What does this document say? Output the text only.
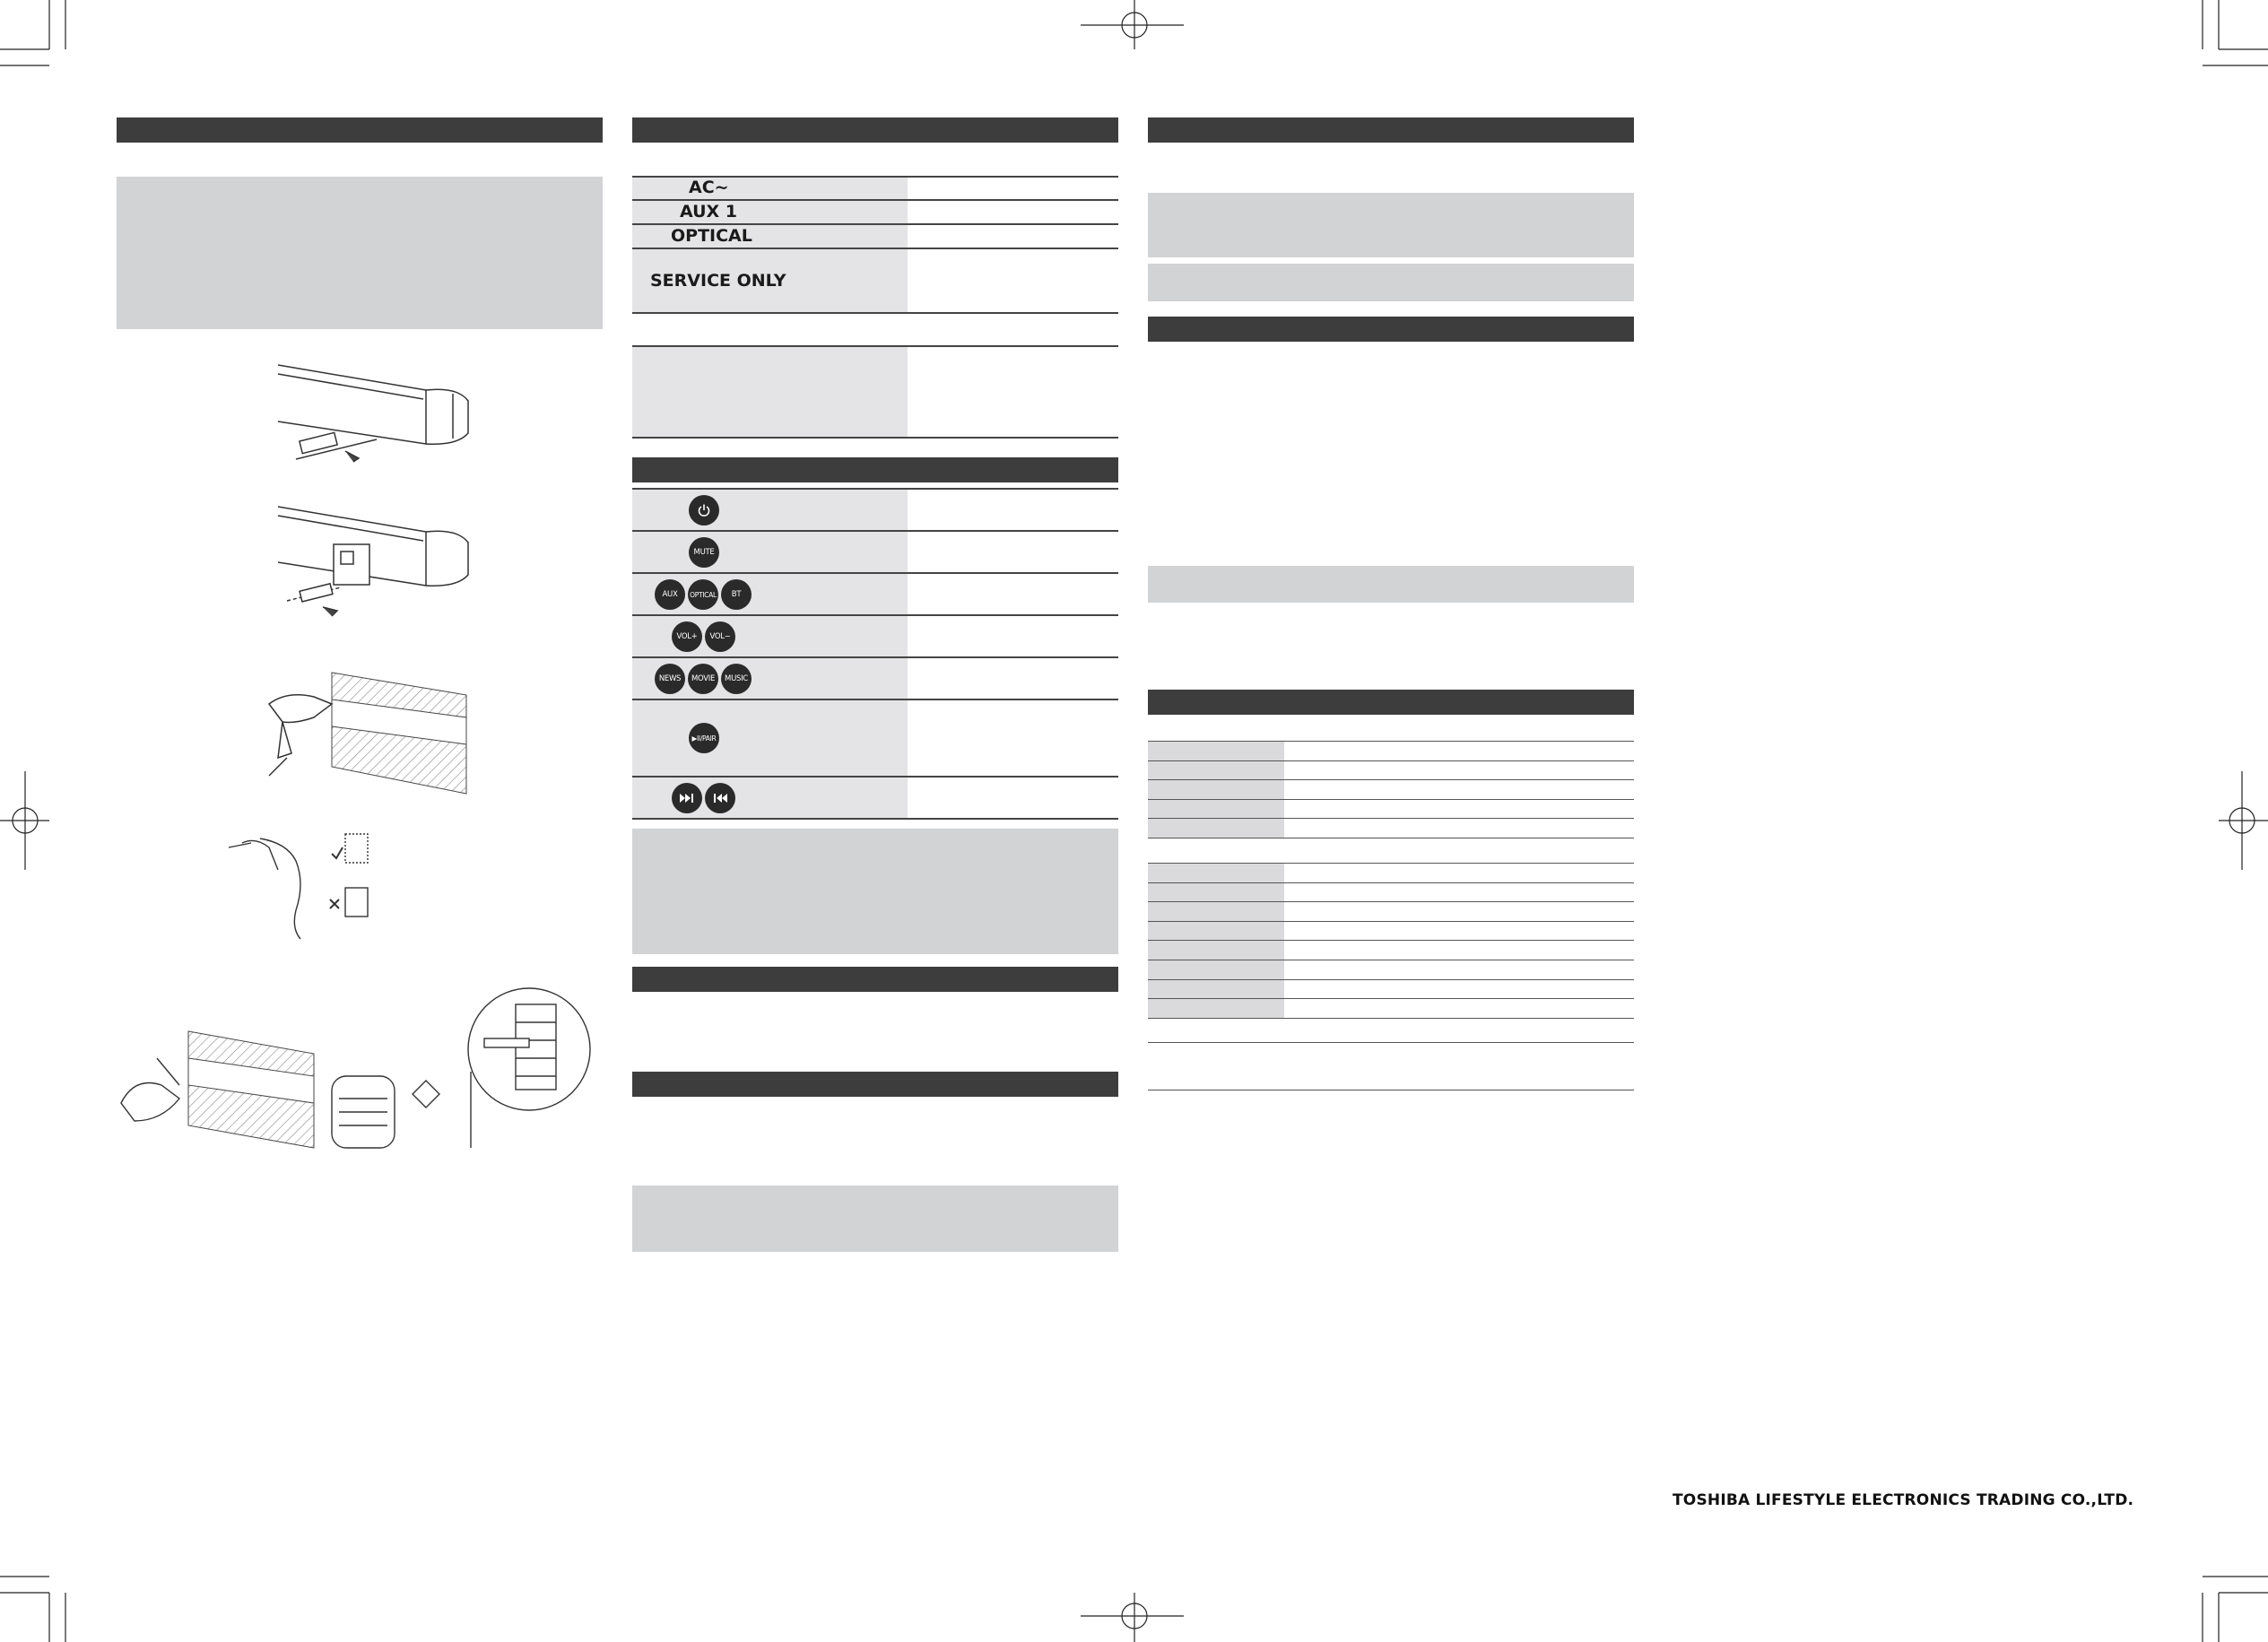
AC~
AUX 1
OPTICAL
SERVICE ONLY
MUTE
AUX	OPTICAL	BT
VOL+	VOL−
NEWS	MOVIE	MUSIC
▶II/PAIR
TOSHIBA LIFESTYLE ELECTRONICS TRADING CO.,LTD.
